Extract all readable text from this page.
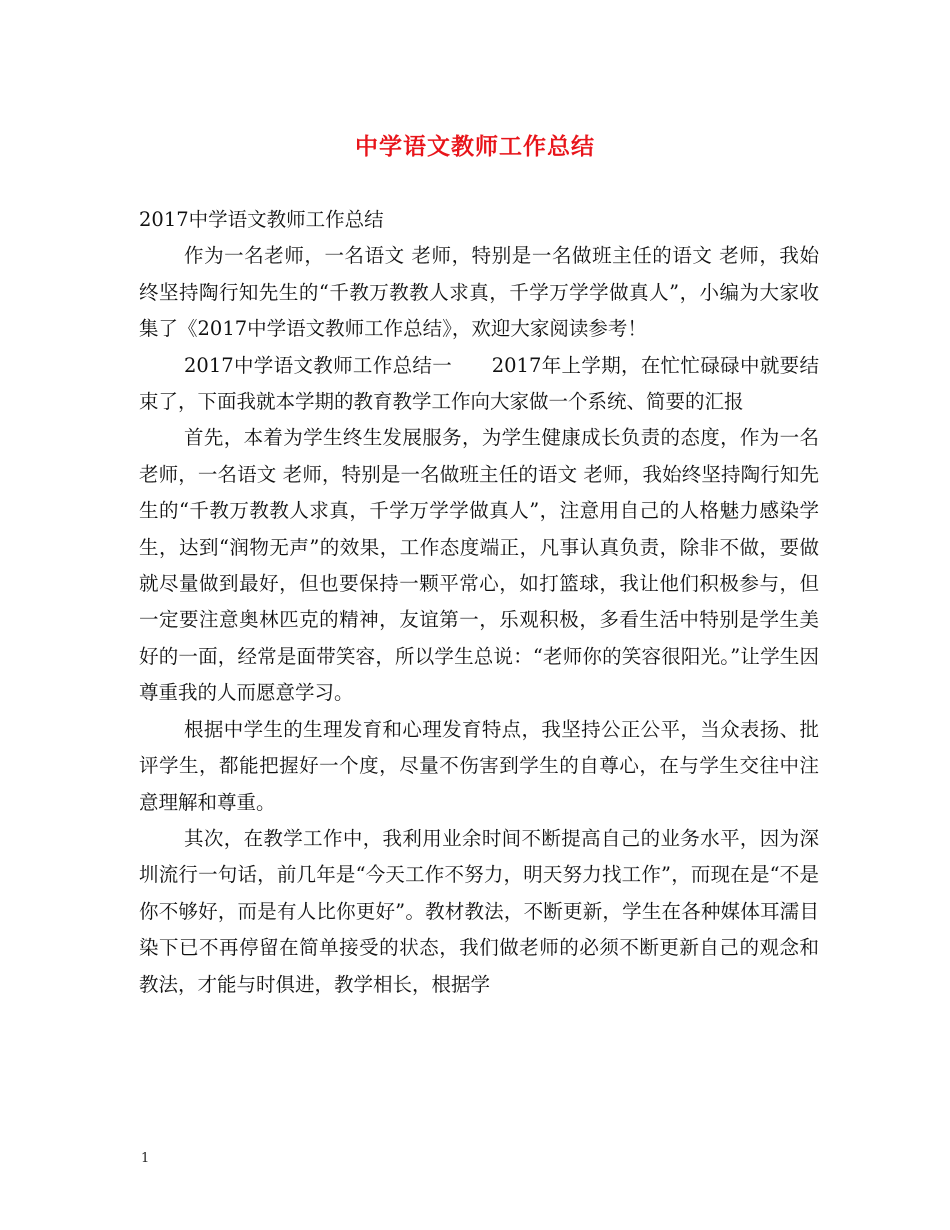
中学语文教师工作总结

2017中学语文教师工作总结

作为一名老师，一名语文 老师，特别是一名做班主任的语文 老师，我始终坚持陶行知先生的“千教万教教人求真，千学万学学做真人”，小编为大家收集了《2017中学语文教师工作总结》，欢迎大家阅读参考！

2017中学语文教师工作总结一　　2017年上学期，在忙忙碌碌中就要结束了，下面我就本学期的教育教学工作向大家做一个系统、简要的汇报

首先，本着为学生终生发展服务，为学生健康成长负责的态度，作为一名老师，一名语文 老师，特别是一名做班主任的语文 老师，我始终坚持陶行知先生的“千教万教教人求真，千学万学学做真人”，注意用自己的人格魅力感染学生，达到“润物无声”的效果，工作态度端正，凡事认真负责，除非不做，要做就尽量做到最好，但也要保持一颗平常心，如打篮球，我让他们积极参与，但一定要注意奥林匹克的精神，友谊第一，乐观积极，多看生活中特别是学生美好的一面，经常是面带笑容，所以学生总说：“老师你的笑容很阳光。”让学生因尊重我的人而愿意学习。

根据中学生的生理发育和心理发育特点，我坚持公正公平，当众表扬、批评学生，都能把握好一个度，尽量不伤害到学生的自尊心，在与学生交往中注意理解和尊重。

其次，在教学工作中，我利用业余时间不断提高自己的业务水平，因为深圳流行一句话，前几年是“今天工作不努力，明天努力找工作”，而现在是“不是你不够好，而是有人比你更好”。教材教法，不断更新，学生在各种媒体耳濡目染下已不再停留在简单接受的状态，我们做老师的必须不断更新自己的观念和教法，才能与时俱进，教学相长，根据学

1
